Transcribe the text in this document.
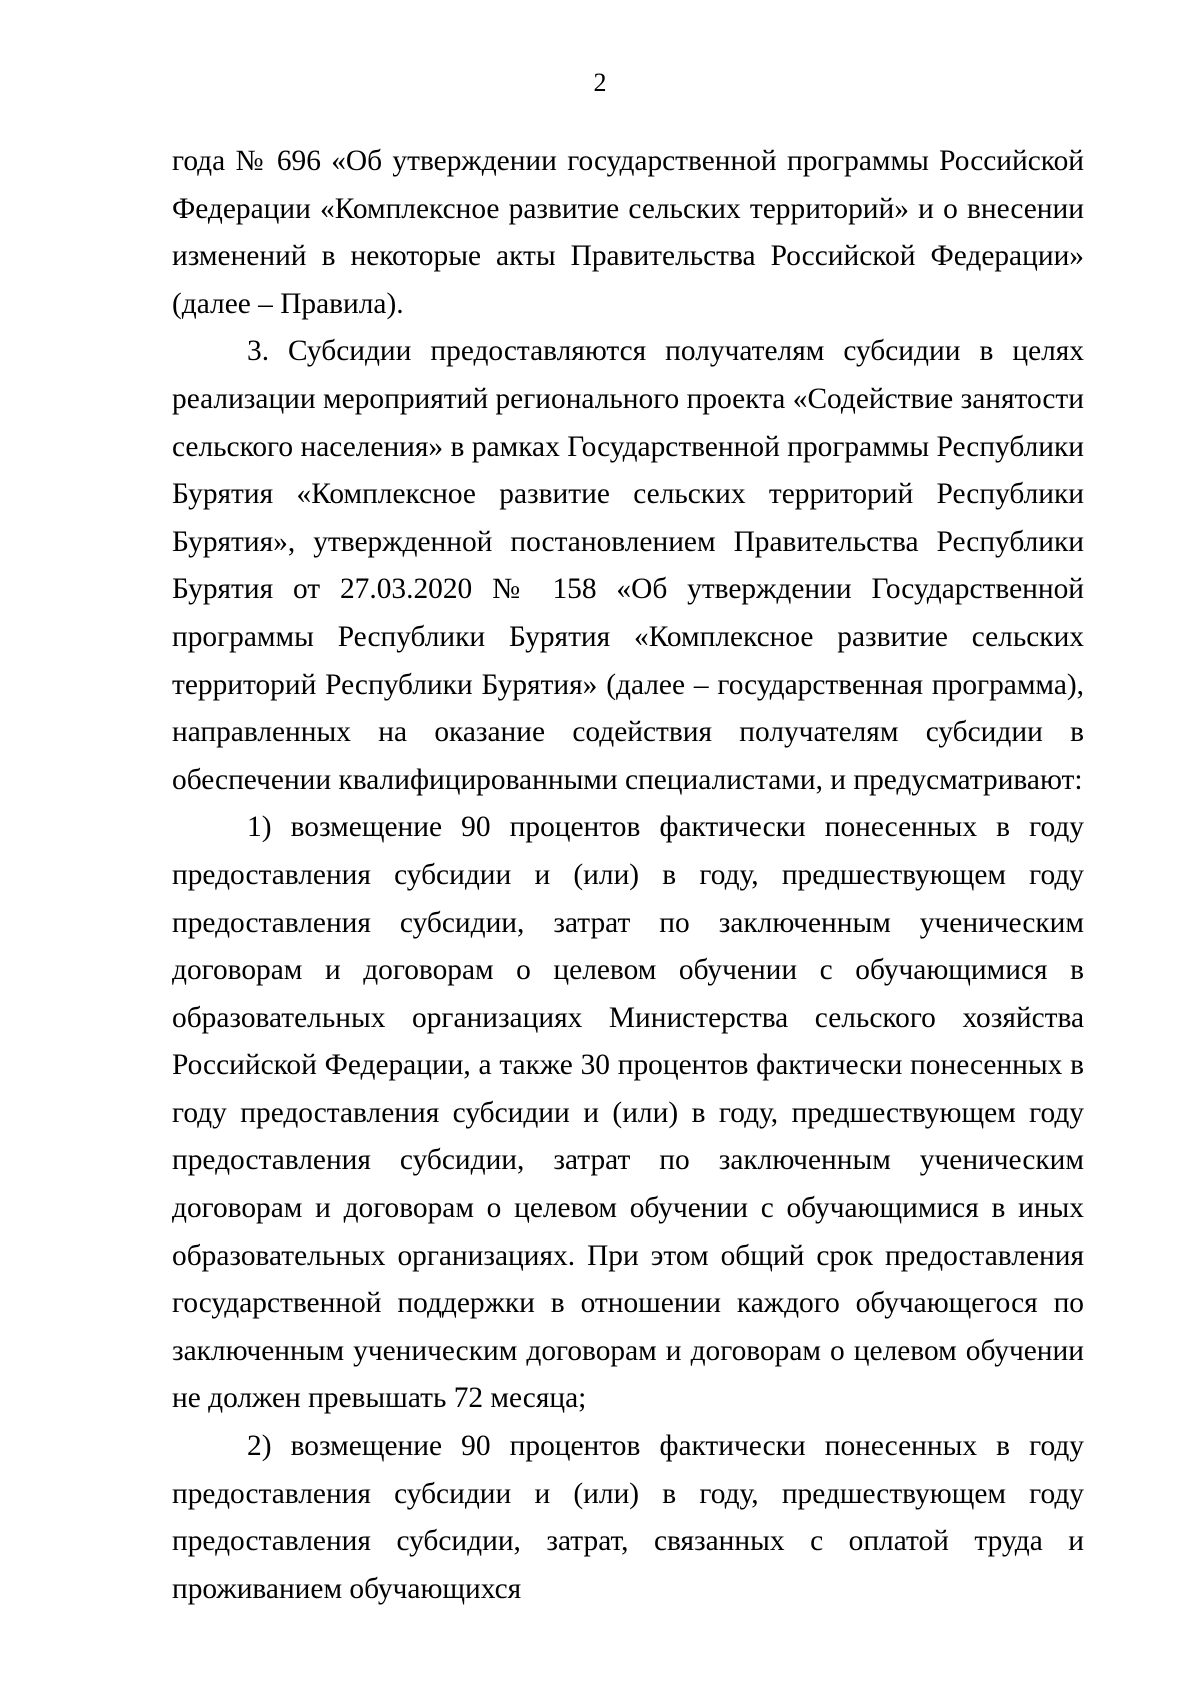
2

года № 696 «Об утверждении государственной программы Российской Федерации «Комплексное развитие сельских территорий» и о внесении изменений в некоторые акты Правительства Российской Федерации» (далее – Правила).

3. Субсидии предоставляются получателям субсидии в целях реализации мероприятий регионального проекта «Содействие занятости сельского населения» в рамках Государственной программы Республики Бурятия «Комплексное развитие сельских территорий Республики Бурятия», утвержденной постановлением Правительства Республики Бурятия от 27.03.2020 № 158 «Об утверждении Государственной программы Республики Бурятия «Комплексное развитие сельских территорий Республики Бурятия» (далее – государственная программа), направленных на оказание содействия получателям субсидии в обеспечении квалифицированными специалистами, и предусматривают:

1) возмещение 90 процентов фактически понесенных в году предоставления субсидии и (или) в году, предшествующем году предоставления субсидии, затрат по заключенным ученическим договорам и договорам о целевом обучении с обучающимися в образовательных организациях Министерства сельского хозяйства Российской Федерации, а также 30 процентов фактически понесенных в году предоставления субсидии и (или) в году, предшествующем году предоставления субсидии, затрат по заключенным ученическим договорам и договорам о целевом обучении с обучающимися в иных образовательных организациях. При этом общий срок предоставления государственной поддержки в отношении каждого обучающегося по заключенным ученическим договорам и договорам о целевом обучении не должен превышать 72 месяца;

2) возмещение 90 процентов фактически понесенных в году предоставления субсидии и (или) в году, предшествующем году предоставления субсидии, затрат, связанных с оплатой труда и проживанием обучающихся
